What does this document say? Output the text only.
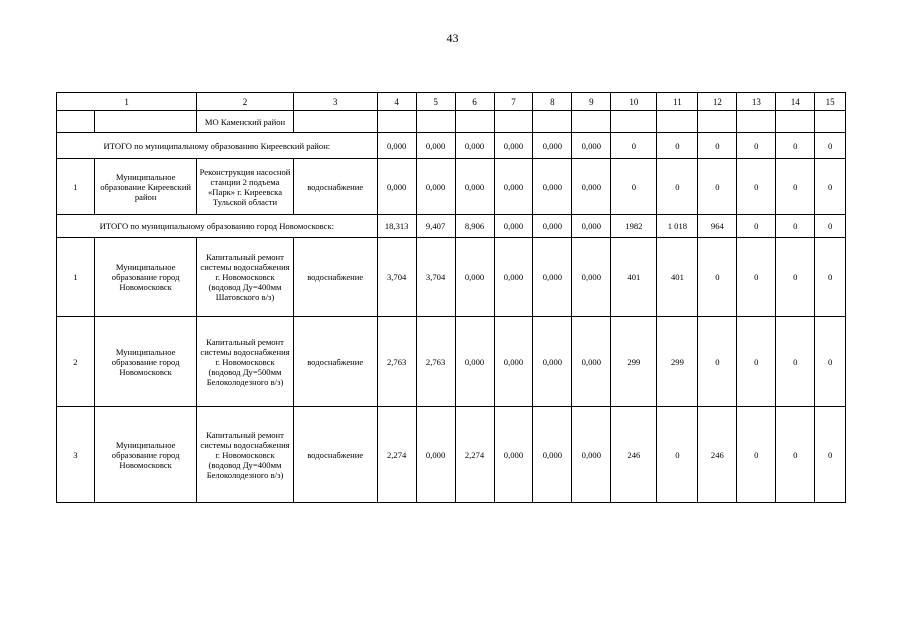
43
1		2	3	4	5	6	7	8	9	10	11	12	13	14	15
		МО Каменский район													
ИТОГО по муниципальному образованию Киреевский район:				0,000	0,000	0,000	0,000	0,000	0,000	0	0	0	0	0	0
1	Муниципальное образование Киреевский район	Реконструкция насосной станции 2 подъема «Парк» г. Киреевска Тульской области	водоснабжение	0,000	0,000	0,000	0,000	0,000	0,000	0	0	0	0	0	0
ИТОГО по муниципальному образованию город Новомосковск:				18,313	9,407	8,906	0,000	0,000	0,000	1982	1 018	964	0	0	0
1	Муниципальное образование город Новомосковск	Капитальный ремонт системы водоснабжения г. Новомосковск (водовод Ду=400мм Шатовского в/з)	водоснабжение	3,704	3,704	0,000	0,000	0,000	0,000	401	401	0	0	0	0
2	Муниципальное образование город Новомосковск	Капитальный ремонт системы водоснабжения г. Новомосковск (водовод Ду=500мм Белоколодезного в/з)	водоснабжение	2,763	2,763	0,000	0,000	0,000	0,000	299	299	0	0	0	0
3	Муниципальное образование город Новомосковск	Капитальный ремонт системы водоснабжения г. Новомосковск (водовод Ду=400мм Белоколодезного в/з)	водоснабжение	2,274	0,000	2,274	0,000	0,000	0,000	246	0	246	0	0	0
